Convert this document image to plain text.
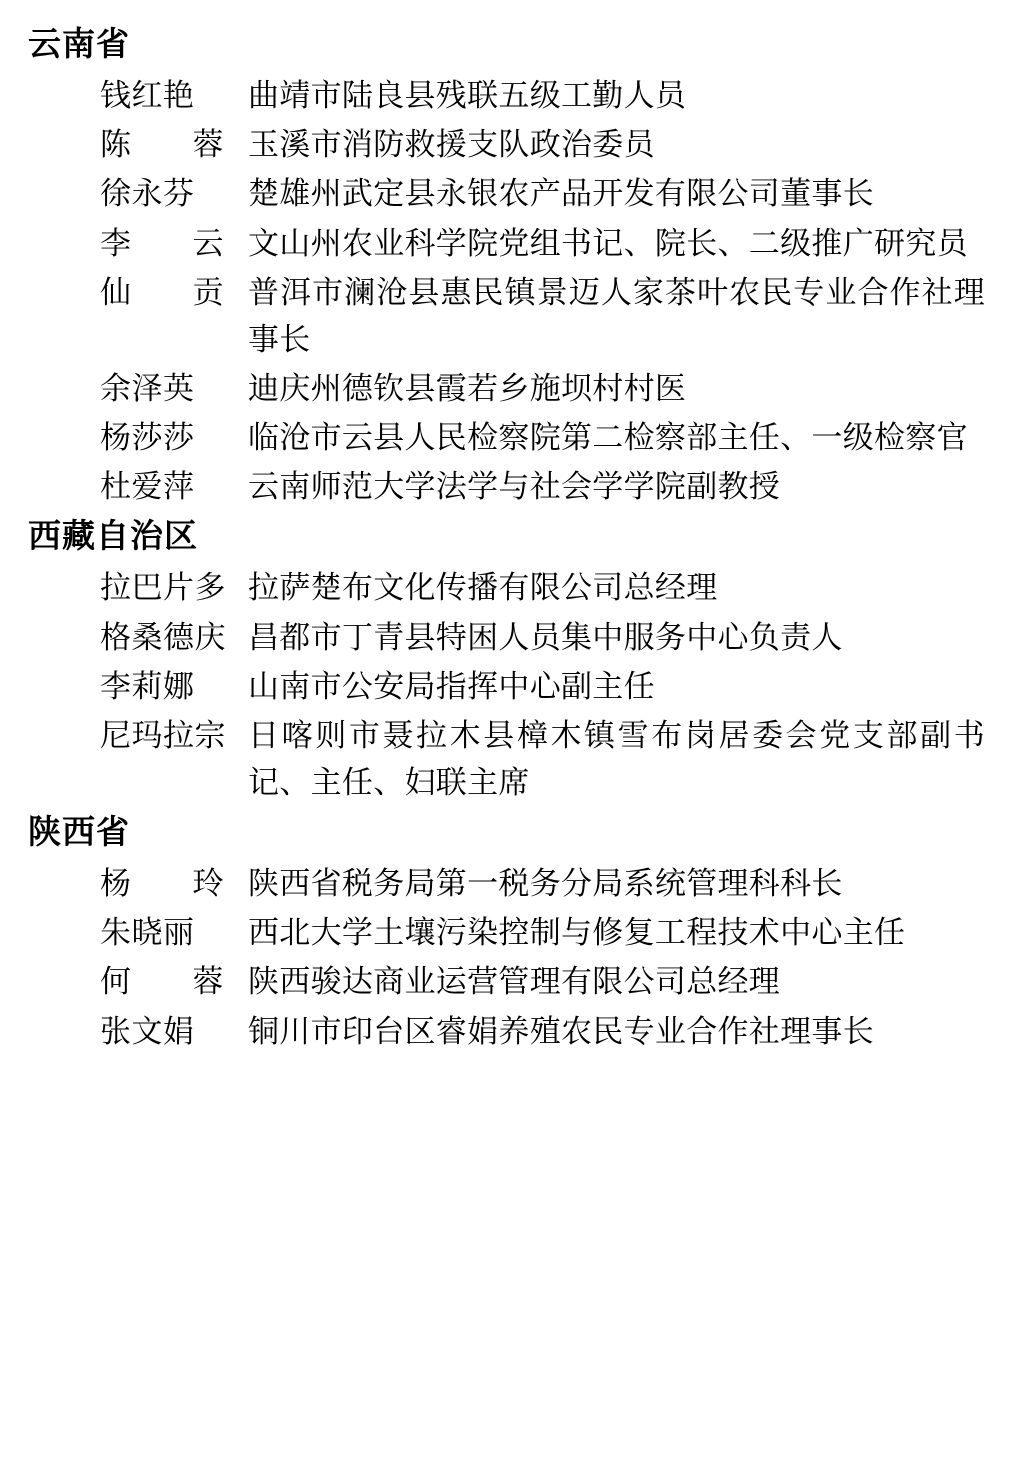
云南省
钱红艳	曲靖市陆良县残联五级工勤人员
陈 蓉 玉溪市消防救援支队政治委员
徐永芬	楚雄州武定县永银农产品开发有限公司董事长
李 云 文山州农业科学院党组书记、院长、二级推广研究员
仙 贡 普洱市澜沧县惠民镇景迈人家茶叶农民专业合作社理事长
余泽英	迪庆州德钦县霞若乡施坝村村医
杨莎莎	临沧市云县人民检察院第二检察部主任、一级检察官
杜爱萍	云南师范大学法学与社会学学院副教授
西藏自治区
拉巴片多 拉萨楚布文化传播有限公司总经理
格桑德庆 昌都市丁青县特困人员集中服务中心负责人
李莉娜	山南市公安局指挥中心副主任
尼玛拉宗 日喀则市聂拉木县樟木镇雪布岗居委会党支部副书记、主任、妇联主席
陕西省
杨 玲 陕西省税务局第一税务分局系统管理科科长
朱晓丽	西北大学土壤污染控制与修复工程技术中心主任
何 蓉 陕西骏达商业运营管理有限公司总经理
张文娟	铜川市印台区睿娟养殖农民专业合作社理事长
